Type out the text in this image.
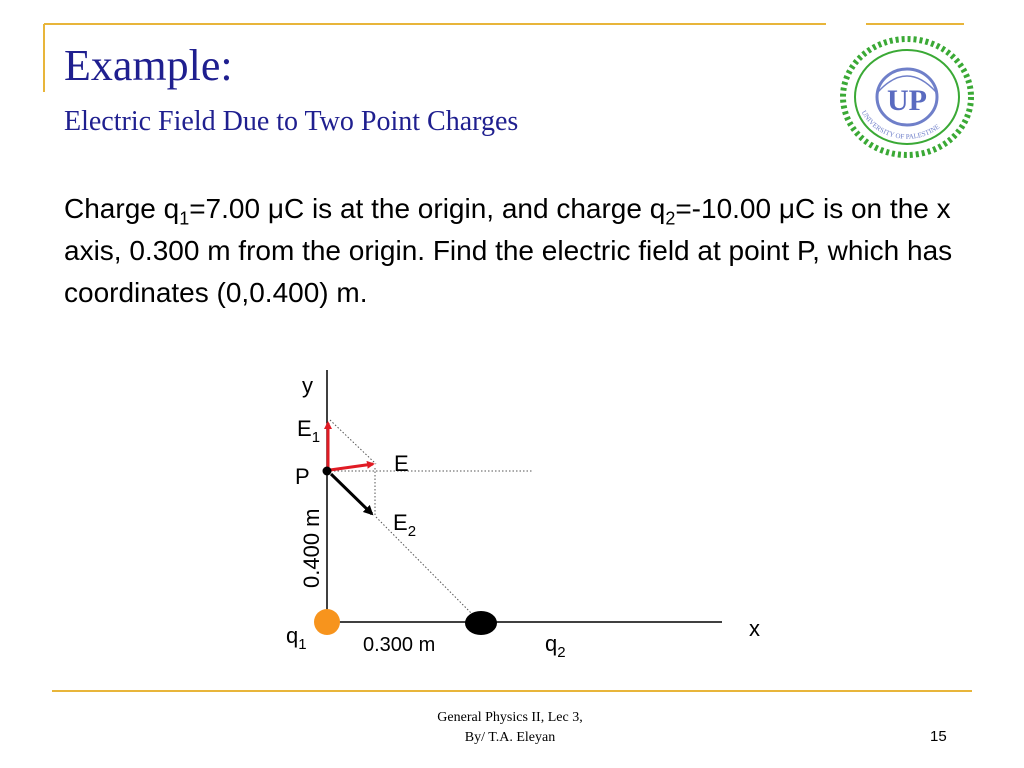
Example:
Electric Field Due to Two Point Charges
Charge $q_1=7.00$ μC is at the origin, and charge $q_2=-10.00$ μC is on the x axis, 0.300 m from the origin. Find the electric field at point P, which has coordinates (0,0.400) m.
UP
UNIVERSITY OF PALESTINE
y
x
$E_1$
E
P
$E_2$
0.400 m
$q_1$	0.300 m	$q_2$
General Physics II, Lec 3,
By/ T.A. Eleyan	15
